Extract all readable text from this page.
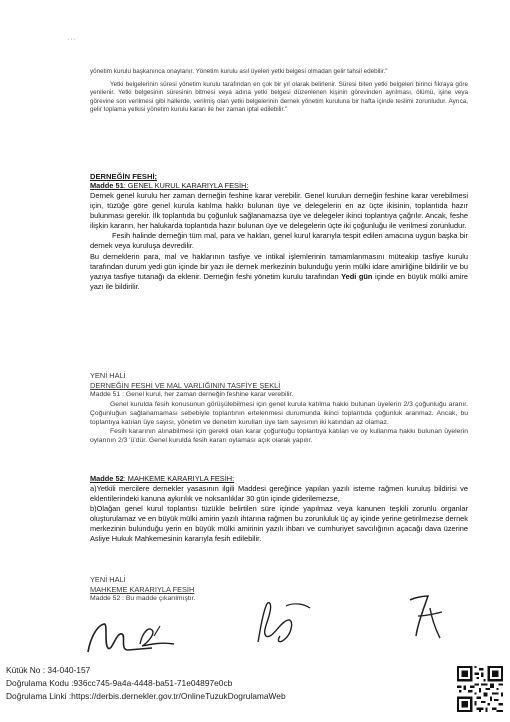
···

yönetim kurulu başkanınca onaylanır. Yönetim kurulu asıl üyeleri yetki belgesi olmadan gelir tahsil edebilir."

Yetki belgelerinin süresi yönetim kurulu tarafından en çok bir yıl olarak belirlenir. Süresi biten yetki belgeleri birinci fıkraya göre yenilenir. Yetki belgesinin süresinin bitmesi veya adına yetki belgesi düzenlenen kişinin görevinden ayrılması, ölümü, işine veya görevine son verilmesi gibi hallerde, verilmiş olan yetki belgelerinin dernek yönetim kuruluna bir hafta içinde teslimi zorunludur. Ayrıca, gelir toplama yetkisi yönetim kurulu kararı ile her zaman iptal edilebilir."

DERNEĞİN FESHİ;

Madde 51: GENEL KURUL KARARIYLA FESİH:

Dernek genel kurulu her zaman derneğin feshine karar verebilir. Genel kurulun derneğin feshine karar verebilmesi için, tüzüğe göre genel kurula katılma hakkı bulunan üye ve delegelerin en az üçte ikisinin, toplantıda hazır bulunması gerekir. İlk toplantıda bu çoğunluk sağlanamazsa üye ve delegeler ikinci toplantıya çağrılır. Ancak, feshe ilişkin kararın, her halukarda toplantıda hazır bulunan üye ve delegelerin üçte iki çoğunluğu ile verilmesi zorunludur.

Fesih halinde derneğin tüm mal, para ve hakları, genel kurul kararıyla tespit edilen amacına uygun başka bir dernek veya kuruluşa devredilir.

Bu derneklerin para, mal ve haklarının tasfiye ve intikal işlemlerinin tamamlanmasını müteakip tasfiye kurulu tarafından durum yedi gün içinde bir yazı ile dernek merkezinin bulunduğu yerin mülki idare amirliğine bildirilir ve bu yazıya tasfiye tutanağı da eklenir. Derneğin feshi yönetim kurulu tarafından Yedi gün içinde en büyük mülki amire yazı ile bildirilir.

YENİ HALİ

DERNEĞİN FESHİ VE MAL VARLIĞININ TASFİYE ŞEKLİ

Madde 51 : Genel kurul, her zaman derneğin feshine karar verebilir.

Genel kurulda fesih konusunun görüşülebilmesi için genel kurula katılma hakkı bulunan üyelerin 2/3 çoğunluğu aranır. Çoğunluğun sağlanamaması sebebiyle toplantının ertelenmesi durumunda ikinci toplantıda çoğunluk aranmaz. Ancak, bu toplantıya katılan üye sayısı, yönetim ve denetim kurulları üye tam sayısının iki katından az olamaz.

Fesih kararının alınabilmesi için gerekli olan karar çoğunluğu toplantıya katılan ve oy kullanma hakkı bulunan üyelerin oylarının 2/3 'ü'dür. Genel kurulda fesih kararı oylaması açık olarak yapılır.

Madde 52: MAHKEME KARARIYLA FESİH:

a)Yetkili mercilere dernekler yasasının ilgili Maddesi gereğince yapılan yazılı isteme rağmen kuruluş bildirisi ve eklentilerindeki kanuna aykırılık ve noksanlıklar 30 gün içinde giderilemezse,

b)Olağan genel kurul toplantısı tüzükle belirtilen süre içinde yapılmaz veya kanunen teşkili zorunlu organlar oluşturulamaz ve en büyük mülki amirin yazılı ihtarına rağmen bu zorunluluk üç ay içinde yerine getirilmezse dernek merkezinin bulunduğu yerin en büyük mülki amirinin yazılı ihbarı ve cumhuriyet savcılığının açacağı dava üzerine Asliye Hukuk Mahkemesinin kararıyla fesih edilebilir.

YENİ HALİ

MAHKEME KARARIYLA FESİH

Madde 52 : Bu madde çıkarılmıştır.

Kütük No : 34-040-157
Doğrulama Kodu :936cc745-9a4a-4448-ba51-71e04897e0cb
Doğrulama Linki :https://derbis.dernekler.gov.tr/OnlineTuzukDogrulamaWeb
